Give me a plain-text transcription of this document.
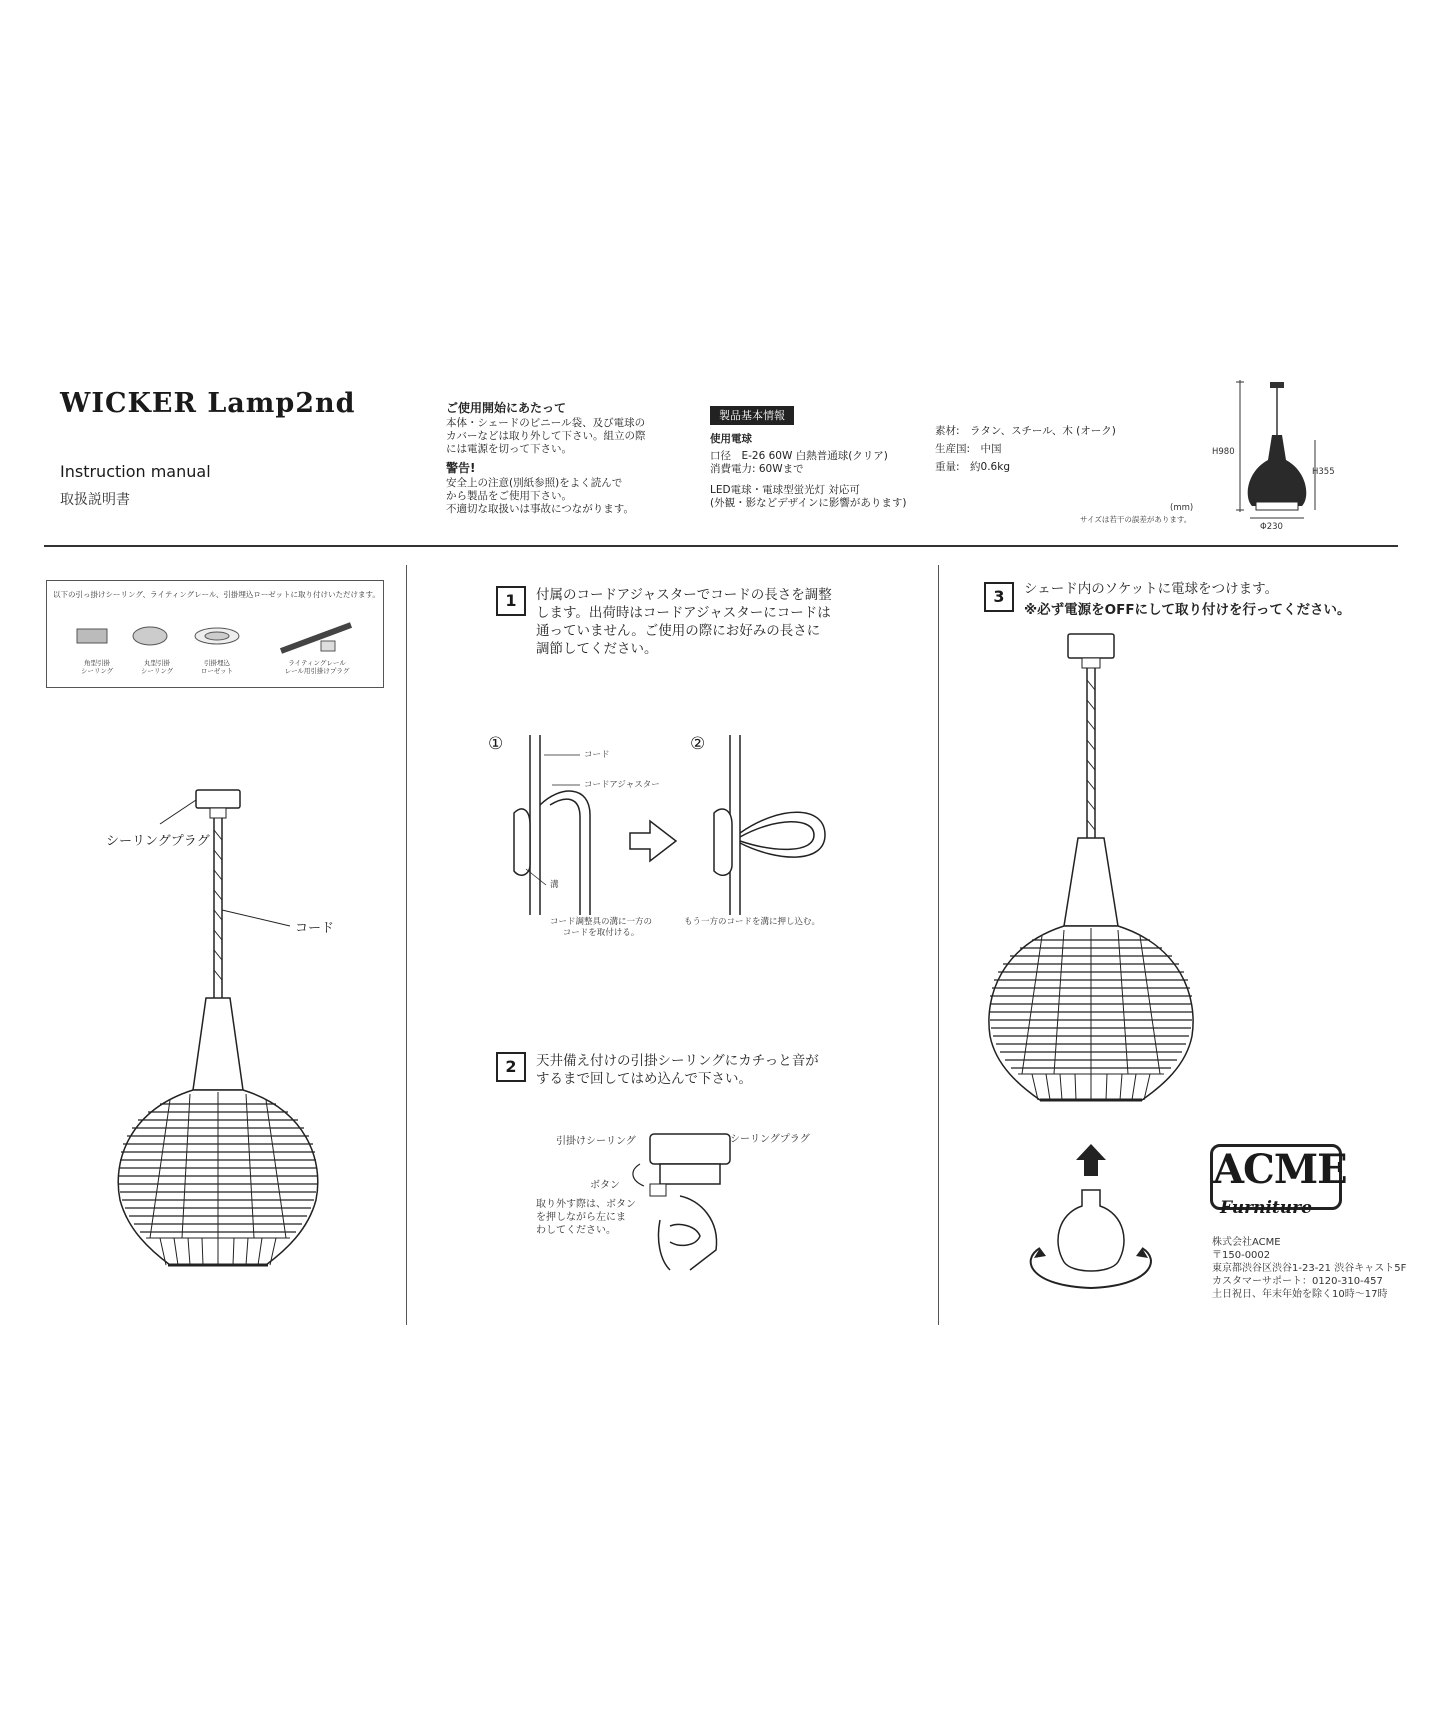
WICKER Lamp2nd
Instruction manual
取扱説明書
ご使用開始にあたって
本体・シェードのビニール袋、及び電球の
カバーなどは取り外して下さい。組立の際
には電源を切って下さい。
警告!
安全上の注意(別紙参照)をよく読んで
から製品をご使用下さい。
不適切な取扱いは事故につながります。
製品基本情報
使用電球
口径　E-26 60W 白熱普通球(クリア)
消費電力: 60Wまで
LED電球・電球型蛍光灯 対応可
(外観・影などデザインに影響があります)
素材:　ラタン、スチール、木 (オーク)
生産国:　中国
重量:　約0.6kg
(mm)
サイズは若干の誤差があります。
H980
H355
Φ230
以下の引っ掛けシーリング、ライティングレール、引掛埋込ローゼットに取り付けいただけます。
角型引掛
シーリング
丸型引掛
シーリング
引掛埋込
ローゼット
ライティングレール
レール用引掛けプラグ
シーリングプラグ
コード
1	付属のコードアジャスターでコードの長さを調整
します。出荷時はコードアジャスターにコードは
通っていません。ご使用の際にお好みの長さに
調節してください。
①	②
コード
コードアジャスター
溝
コード調整具の溝に一方の
コードを取付ける。
もう一方のコードを溝に押し込む。
2	天井備え付けの引掛シーリングにカチっと音が
するまで回してはめ込んで下さい。
引掛けシーリング	シーリングプラグ
ボタン
取り外す際は、ボタン
を押しながら左にま
わしてください。
3	シェード内のソケットに電球をつけます。
※必ず電源をOFFにして取り付けを行ってください。
ACME
Furniture
株式会社ACME
〒150-0002
東京都渋谷区渋谷1-23-21 渋谷キャスト5F
カスタマーサポート：0120-310-457
土日祝日、年末年始を除く10時〜17時
